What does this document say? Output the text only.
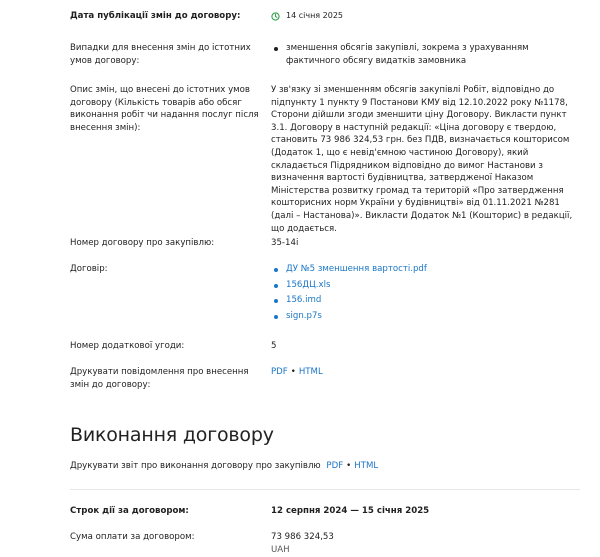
Дата публікації змін до договору:	14 січня 2025
Випадки для внесення змін до істотних умов договору:
зменшення обсягів закупівлі, зокрема з урахуванням фактичного обсягу видатків замовника
Опис змін, що внесені до істотних умов договору (Кількість товарів або обсяг виконання робіт чи надання послуг після внесення змін):
У зв'язку зі зменшенням обсягів закупівлі Робіт, відповідно до підпункту 1 пункту 9 Постанови КМУ від 12.10.2022 року №1178, Сторони дійшли згоди зменшити ціну Договору. Викласти пункт 3.1. Договору в наступній редакції: «Ціна договору є твердою, становить 73 986 324,53 грн. без ПДВ, визначається кошторисом (Додаток 1, що є невід'ємною частиною Договору), який складається Підрядником відповідно до вимог Настанови з визначення вартості будівництва, затвердженої Наказом Міністерства розвитку громад та територій «Про затвердження кошторисних норм України у будівництві» від 01.11.2021 №281 (далі – Настанова)». Викласти Додаток №1 (Кошторис) в редакції, що додається.
Номер договору про закупівлю:	35-14і
Договір:	ДУ №5 зменшення вартості.pdf
156ДЦ.xls
156.imd
sign.p7s
Номер додаткової угоди:	5
Друкувати повідомлення про внесення змін до договору:
PDF • HTML
Виконання договору
Друкувати звіт про виконання договору про закупівлю PDF • HTML
Строк дії за договором:	12 серпня 2024 — 15 січня 2025
Сума оплати за договором:	73 986 324,53
UAH
